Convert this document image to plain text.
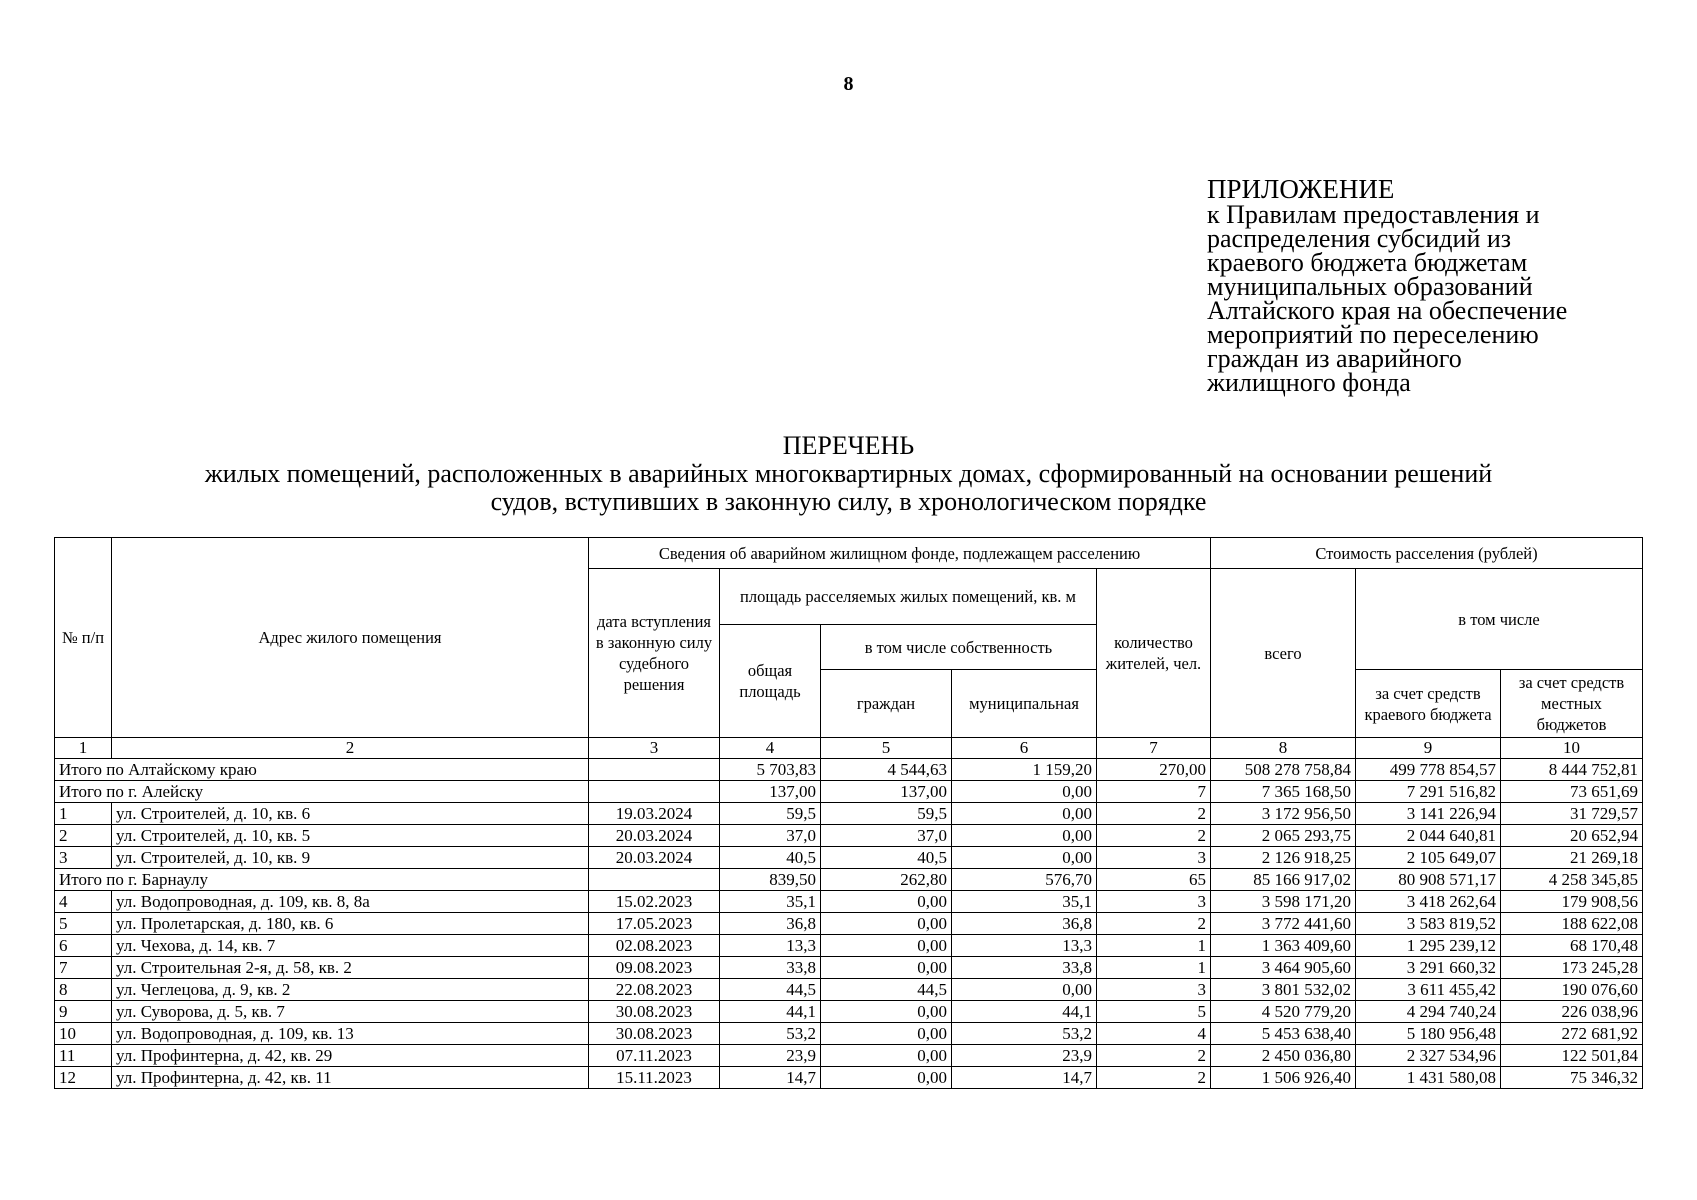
8
ПРИЛОЖЕНИЕ
к Правилам предоставления и
распределения субсидий из
краевого бюджета бюджетам
муниципальных образований
Алтайского края на обеспечение
мероприятий по переселению
граждан из аварийного
жилищного фонда
ПЕРЕЧЕНЬ
жилых помещений, расположенных в аварийных многоквартирных домах, сформированный на основании решений
судов, вступивших в законную силу, в хронологическом порядке
№ п/п	Адрес жилого помещения	Сведения об аварийном жилищном фонде, подлежащем расселению					Стоимость расселения (рублей)		
		дата вступления в законную силу судебного решения	площадь расселяемых жилых помещений, кв. м			количество жителей, чел.	всего	в том числе	
			общая площадь	в том числе собственность					
				граждан	муниципальная			за счет средств краевого бюджета	за счет средств местных бюджетов
1	2	3	4	5	6	7	8	9	10
Итого по Алтайскому краю			5 703,83	4 544,63	1 159,20	270,00	508 278 758,84	499 778 854,57	8 444 752,81
Итого по г. Алейску			137,00	137,00	0,00	7	7 365 168,50	7 291 516,82	73 651,69
1	ул. Строителей, д. 10, кв. 6	19.03.2024	59,5	59,5	0,00	2	3 172 956,50	3 141 226,94	31 729,57
2	ул. Строителей, д. 10, кв. 5	20.03.2024	37,0	37,0	0,00	2	2 065 293,75	2 044 640,81	20 652,94
3	ул. Строителей, д. 10, кв. 9	20.03.2024	40,5	40,5	0,00	3	2 126 918,25	2 105 649,07	21 269,18
Итого по г. Барнаулу			839,50	262,80	576,70	65	85 166 917,02	80 908 571,17	4 258 345,85
4	ул. Водопроводная, д. 109, кв. 8, 8а	15.02.2023	35,1	0,00	35,1	3	3 598 171,20	3 418 262,64	179 908,56
5	ул. Пролетарская, д. 180, кв. 6	17.05.2023	36,8	0,00	36,8	2	3 772 441,60	3 583 819,52	188 622,08
6	ул. Чехова, д. 14, кв. 7	02.08.2023	13,3	0,00	13,3	1	1 363 409,60	1 295 239,12	68 170,48
7	ул. Строительная 2-я, д. 58, кв. 2	09.08.2023	33,8	0,00	33,8	1	3 464 905,60	3 291 660,32	173 245,28
8	ул. Чеглецова, д. 9, кв. 2	22.08.2023	44,5	44,5	0,00	3	3 801 532,02	3 611 455,42	190 076,60
9	ул. Суворова, д. 5, кв. 7	30.08.2023	44,1	0,00	44,1	5	4 520 779,20	4 294 740,24	226 038,96
10	ул. Водопроводная, д. 109, кв. 13	30.08.2023	53,2	0,00	53,2	4	5 453 638,40	5 180 956,48	272 681,92
11	ул. Профинтерна, д. 42, кв. 29	07.11.2023	23,9	0,00	23,9	2	2 450 036,80	2 327 534,96	122 501,84
12	ул. Профинтерна, д. 42, кв. 11	15.11.2023	14,7	0,00	14,7	2	1 506 926,40	1 431 580,08	75 346,32
